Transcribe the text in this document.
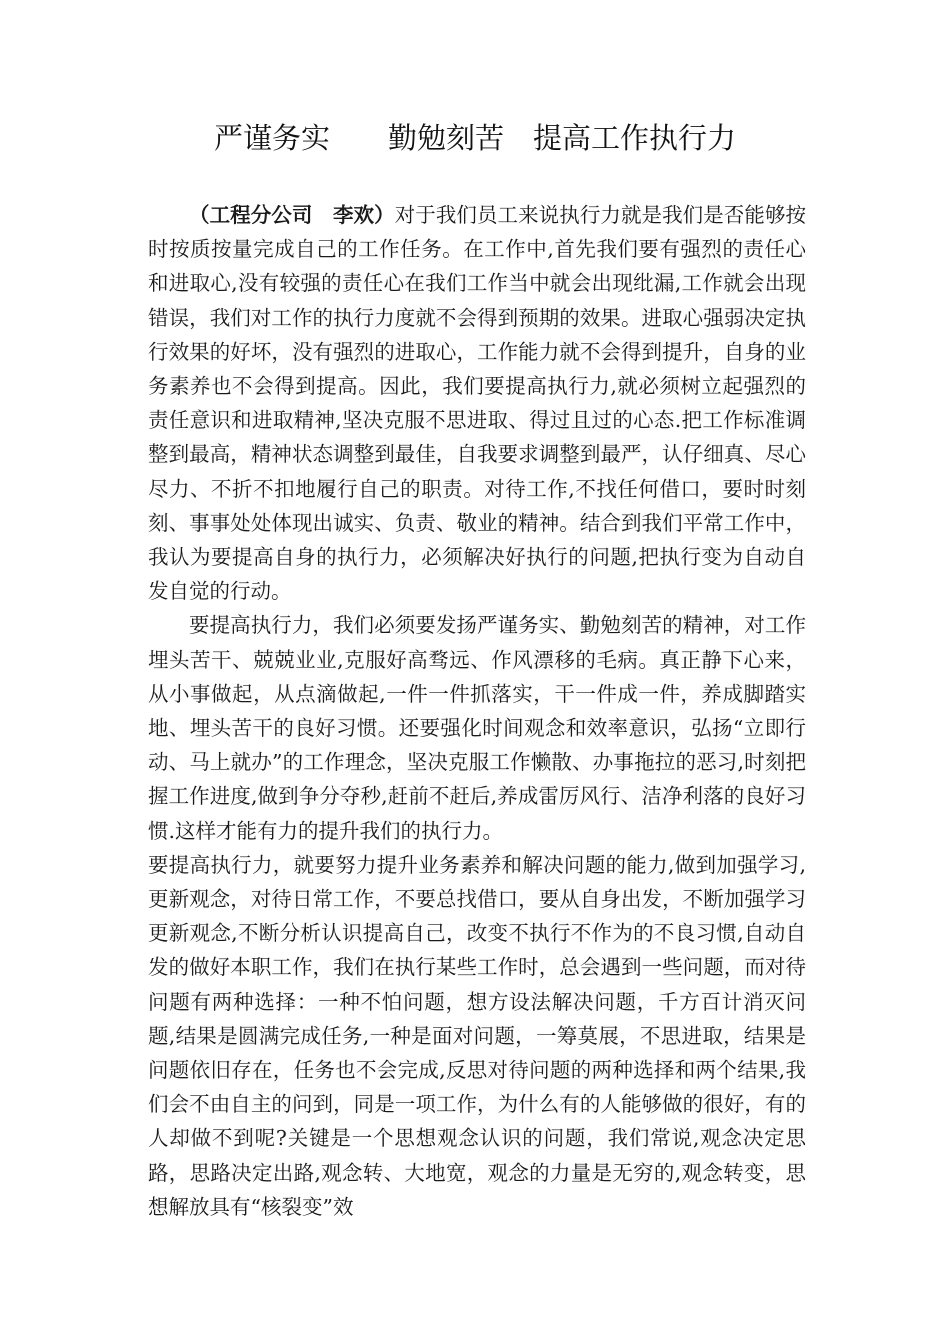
严谨务实　　勤勉刻苦　提高工作执行力

（工程分公司　李欢）对于我们员工来说执行力就是我们是否能够按时按质按量完成自己的工作任务。在工作中,首先我们要有强烈的责任心和进取心,没有较强的责任心在我们工作当中就会出现纰漏,工作就会出现错误，我们对工作的执行力度就不会得到预期的效果。进取心强弱决定执行效果的好坏，没有强烈的进取心，工作能力就不会得到提升，自身的业务素养也不会得到提高。因此，我们要提高执行力,就必须树立起强烈的责任意识和进取精神,坚决克服不思进取、得过且过的心态.把工作标准调整到最高，精神状态调整到最佳，自我要求调整到最严，认仔细真、尽心尽力、不折不扣地履行自己的职责。对待工作,不找任何借口，要时时刻刻、事事处处体现出诚实、负责、敬业的精神。结合到我们平常工作中，我认为要提高自身的执行力，必须解决好执行的问题,把执行变为自动自发自觉的行动。

要提高执行力，我们必须要发扬严谨务实、勤勉刻苦的精神，对工作埋头苦干、兢兢业业,克服好高骛远、作风漂移的毛病。真正静下心来，从小事做起，从点滴做起,一件一件抓落实，干一件成一件，养成脚踏实地、埋头苦干的良好习惯。还要强化时间观念和效率意识，弘扬“立即行动、马上就办”的工作理念，坚决克服工作懒散、办事拖拉的恶习,时刻把握工作进度,做到争分夺秒,赶前不赶后,养成雷厉风行、洁净利落的良好习惯.这样才能有力的提升我们的执行力。

要提高执行力，就要努力提升业务素养和解决问题的能力,做到加强学习,更新观念，对待日常工作，不要总找借口，要从自身出发，不断加强学习更新观念,不断分析认识提高自己，改变不执行不作为的不良习惯,自动自发的做好本职工作，我们在执行某些工作时，总会遇到一些问题，而对待问题有两种选择：一种不怕问题，想方设法解决问题，千方百计消灭问题,结果是圆满完成任务,一种是面对问题，一筹莫展，不思进取，结果是问题依旧存在，任务也不会完成,反思对待问题的两种选择和两个结果,我们会不由自主的问到，同是一项工作，为什么有的人能够做的很好，有的人却做不到呢?关键是一个思想观念认识的问题，我们常说,观念决定思路，思路决定出路,观念转、大地宽，观念的力量是无穷的,观念转变，思想解放具有“核裂变”效
